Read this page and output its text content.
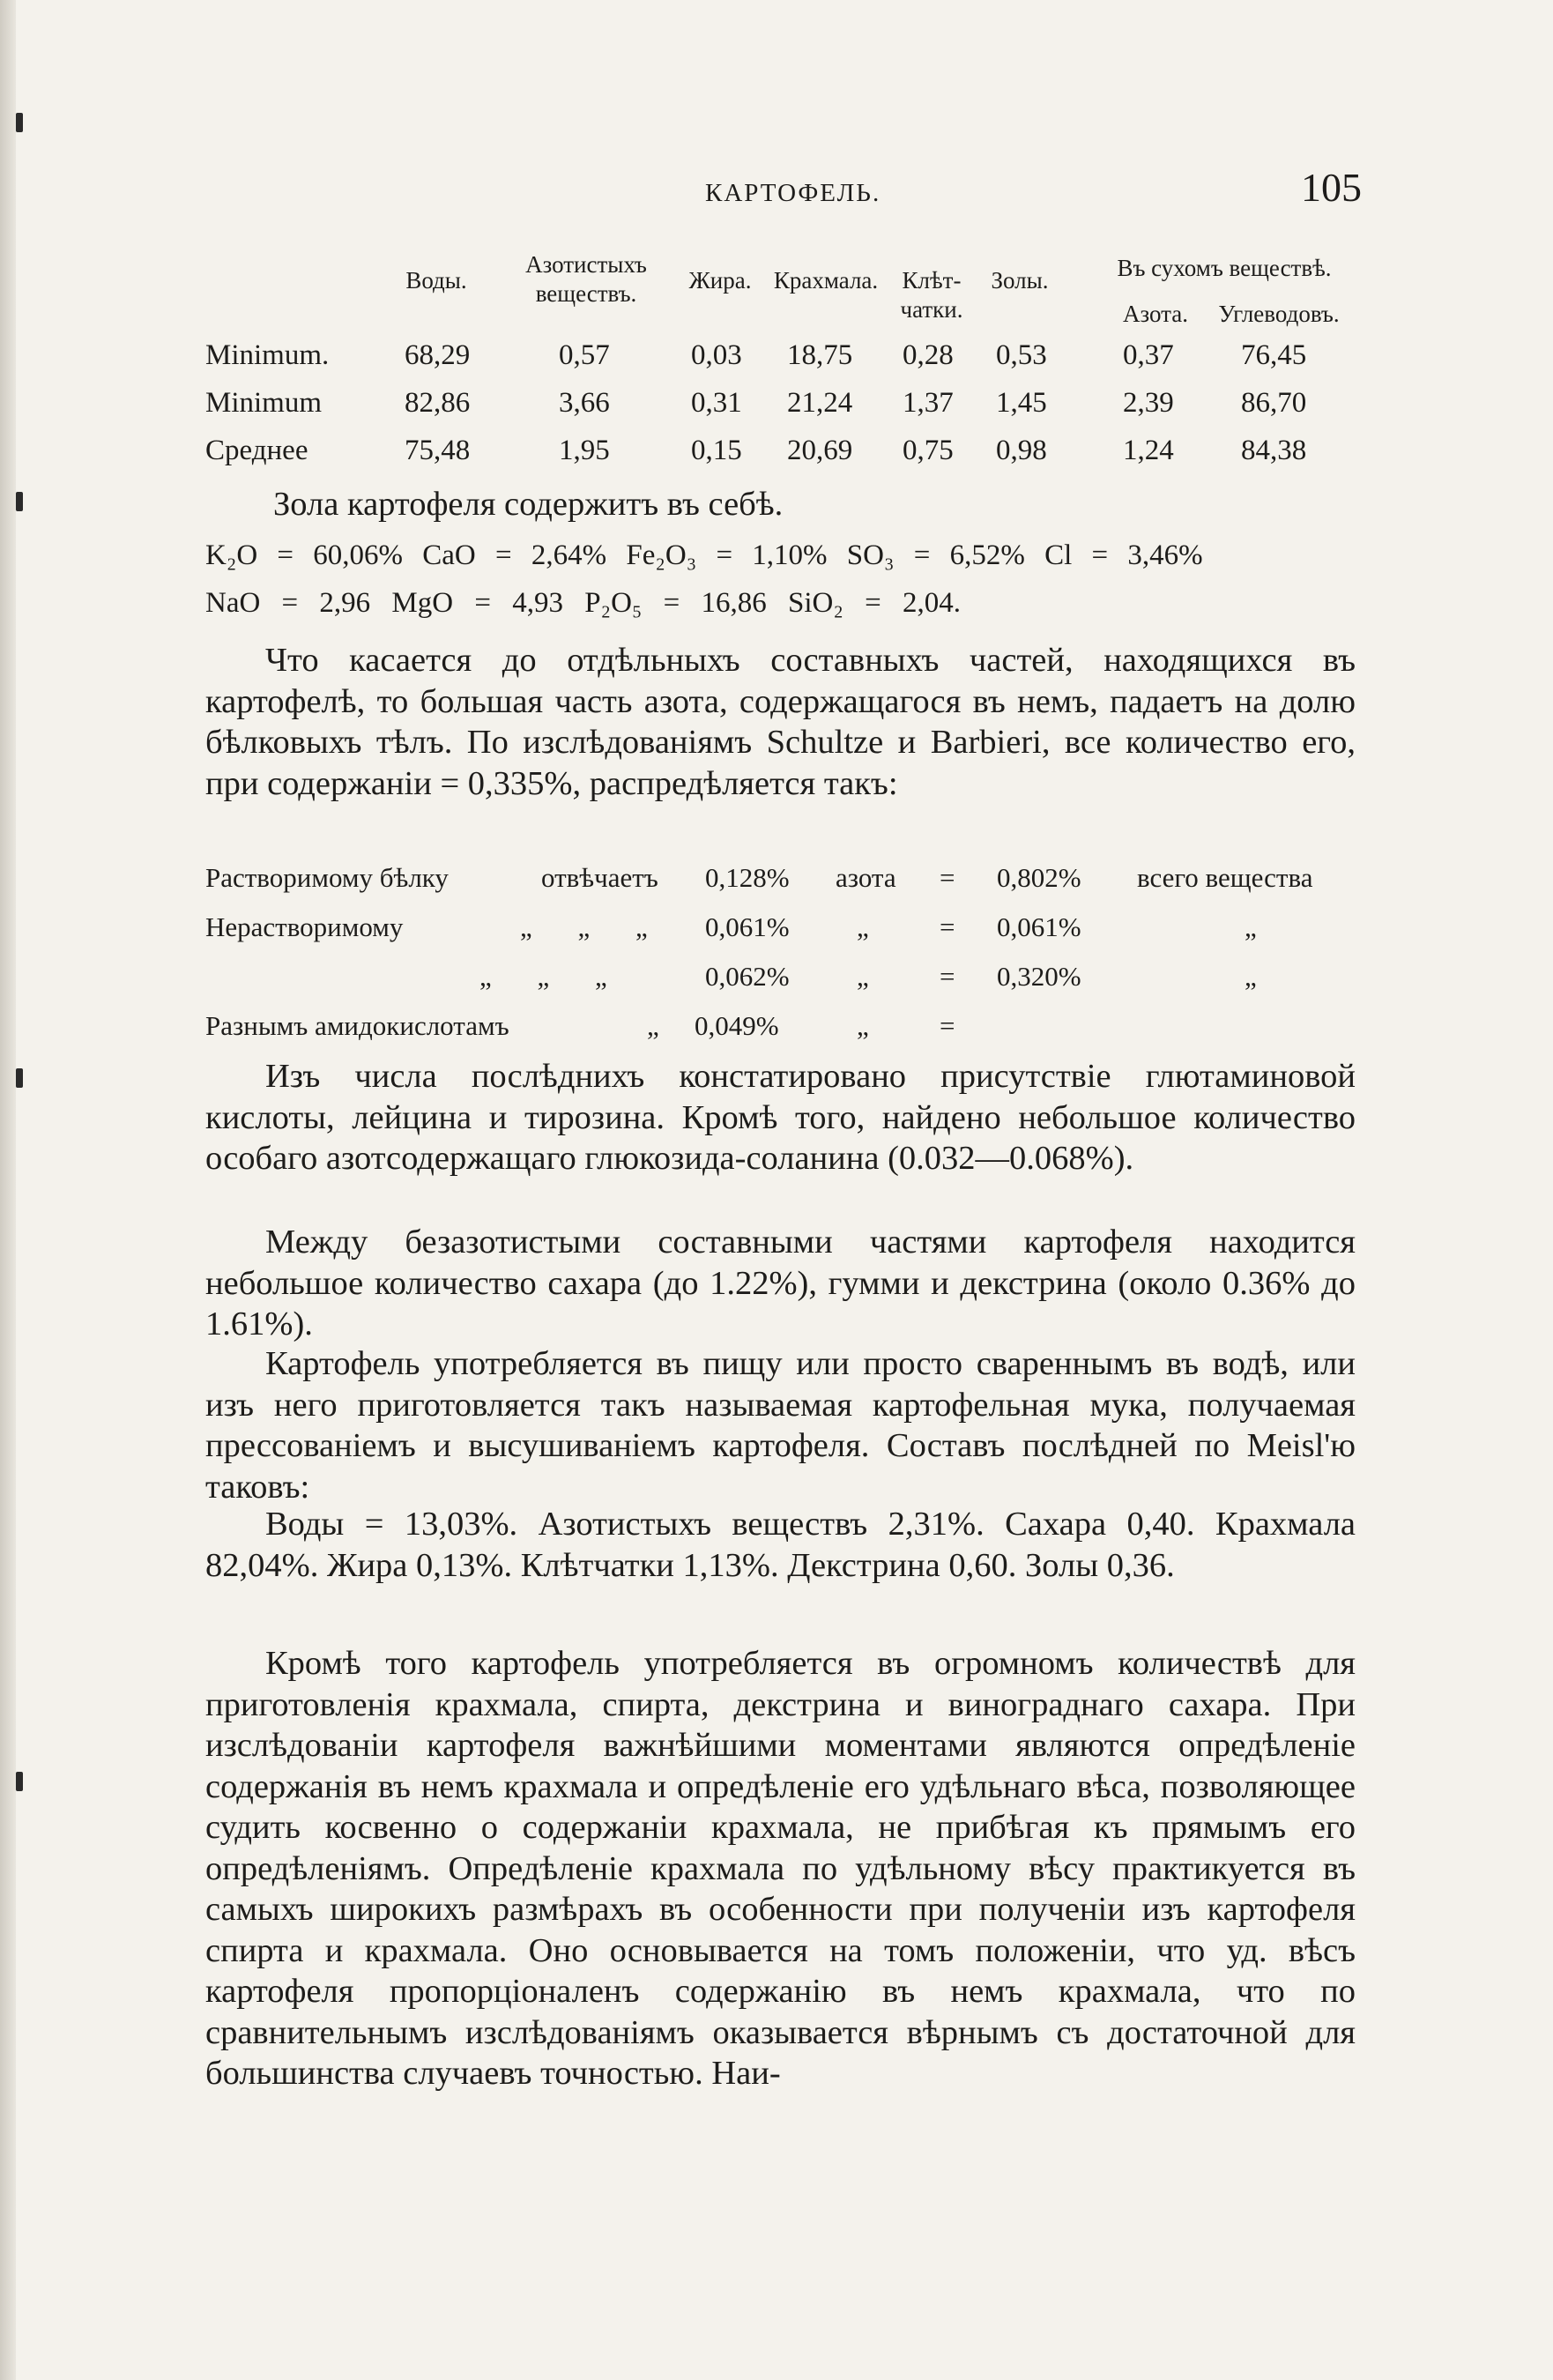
КАРТОФЕЛЬ.	105
Воды.
Азотистыхъ веществъ.	Жира. Крахмала.	Клѣт-чатки.
Золы.	Въ сухомъ веществѣ.
Азота.	Углеводовъ.
Minimum.	68,29	0,57	0,03 18,75 0,28 0,53	0,37 76,45
Minimum	82,86	3,66	0,31 21,24 1,37 1,45	2,39 86,70
Среднее	75,48	1,95	0,15 20,69 0,75 0,98	1,24 84,38
Зола картофеля содержитъ въ себѣ.
K₂O = 60,06% CaO = 2,64% Fe₂O₃ = 1,10% SO₃ = 6,52% Cl = 3,46%
NaO = 2,96 MgO = 4,93 P₂O₅ = 16,86 SiO₂ = 2,04.
Что касается до отдѣльныхъ составныхъ частей, находящихся въ картофелѣ, то большая часть азота, содержащагося въ немъ, падаетъ на долю бѣлковыхъ тѣлъ. По изслѣдованiямъ Schultze и Barbieri, все количество его, при содержанiи = 0,335%, распредѣляется такъ:
Растворимому бѣлку	отвѣчаетъ 0,128% азота = 0,802% всего вещества
Нерастворимому	„ „ „ 0,061% „	= 0,061%	„
„ „ „	0,062% „	= 0,320%	„
Разнымъ амидокислотамъ	„ 0,049%	„	=
Изъ числа послѣднихъ констатировано присутствiе глютаминовой кислоты, лейцина и тирозина. Кромѣ того, найдено небольшое количество особаго азотсодержащаго глюкозида-соланина (0.032—0.068%).
Между безазотистыми составными частями картофеля находится небольшое количество сахара (до 1.22%), гумми и декстрина (около 0.36% до 1.61%).
Картофель употребляется въ пищу или просто свареннымъ въ водѣ, или изъ него приготовляется такъ называемая картофельная мука, получаемая прессованiемъ и высушиванiемъ картофеля. Составъ послѣдней по Meisl'ю таковъ:
Воды = 13,03%. Азотистыхъ веществъ 2,31%. Сахара 0,40. Крахмала 82,04%. Жира 0,13%. Клѣтчатки 1,13%. Декстрина 0,60. Золы 0,36.
Кромѣ того картофель употребляется въ огромномъ количествѣ для приготовленiя крахмала, спирта, декстрина и винограднаго сахара. При изслѣдованiи картофеля важнѣйшими моментами являются опредѣленiе содержанiя въ немъ крахмала и опредѣленiе его удѣльнаго вѣса, позволяющее судить косвенно о содержанiи крахмала, не прибѣгая къ прямымъ его опредѣленiямъ. Опредѣленiе крахмала по удѣльному вѣсу практикуется въ самыхъ широкихъ размѣрахъ въ особенности при полученiи изъ картофеля спирта и крахмала. Оно основывается на томъ положенiи, что уд. вѣсъ картофеля пропорцiоналенъ содержанiю въ немъ крахмала, что по сравнительнымъ изслѣдованiямъ оказывается вѣрнымъ съ достаточной для большинства случаевъ точностью. Наи-
